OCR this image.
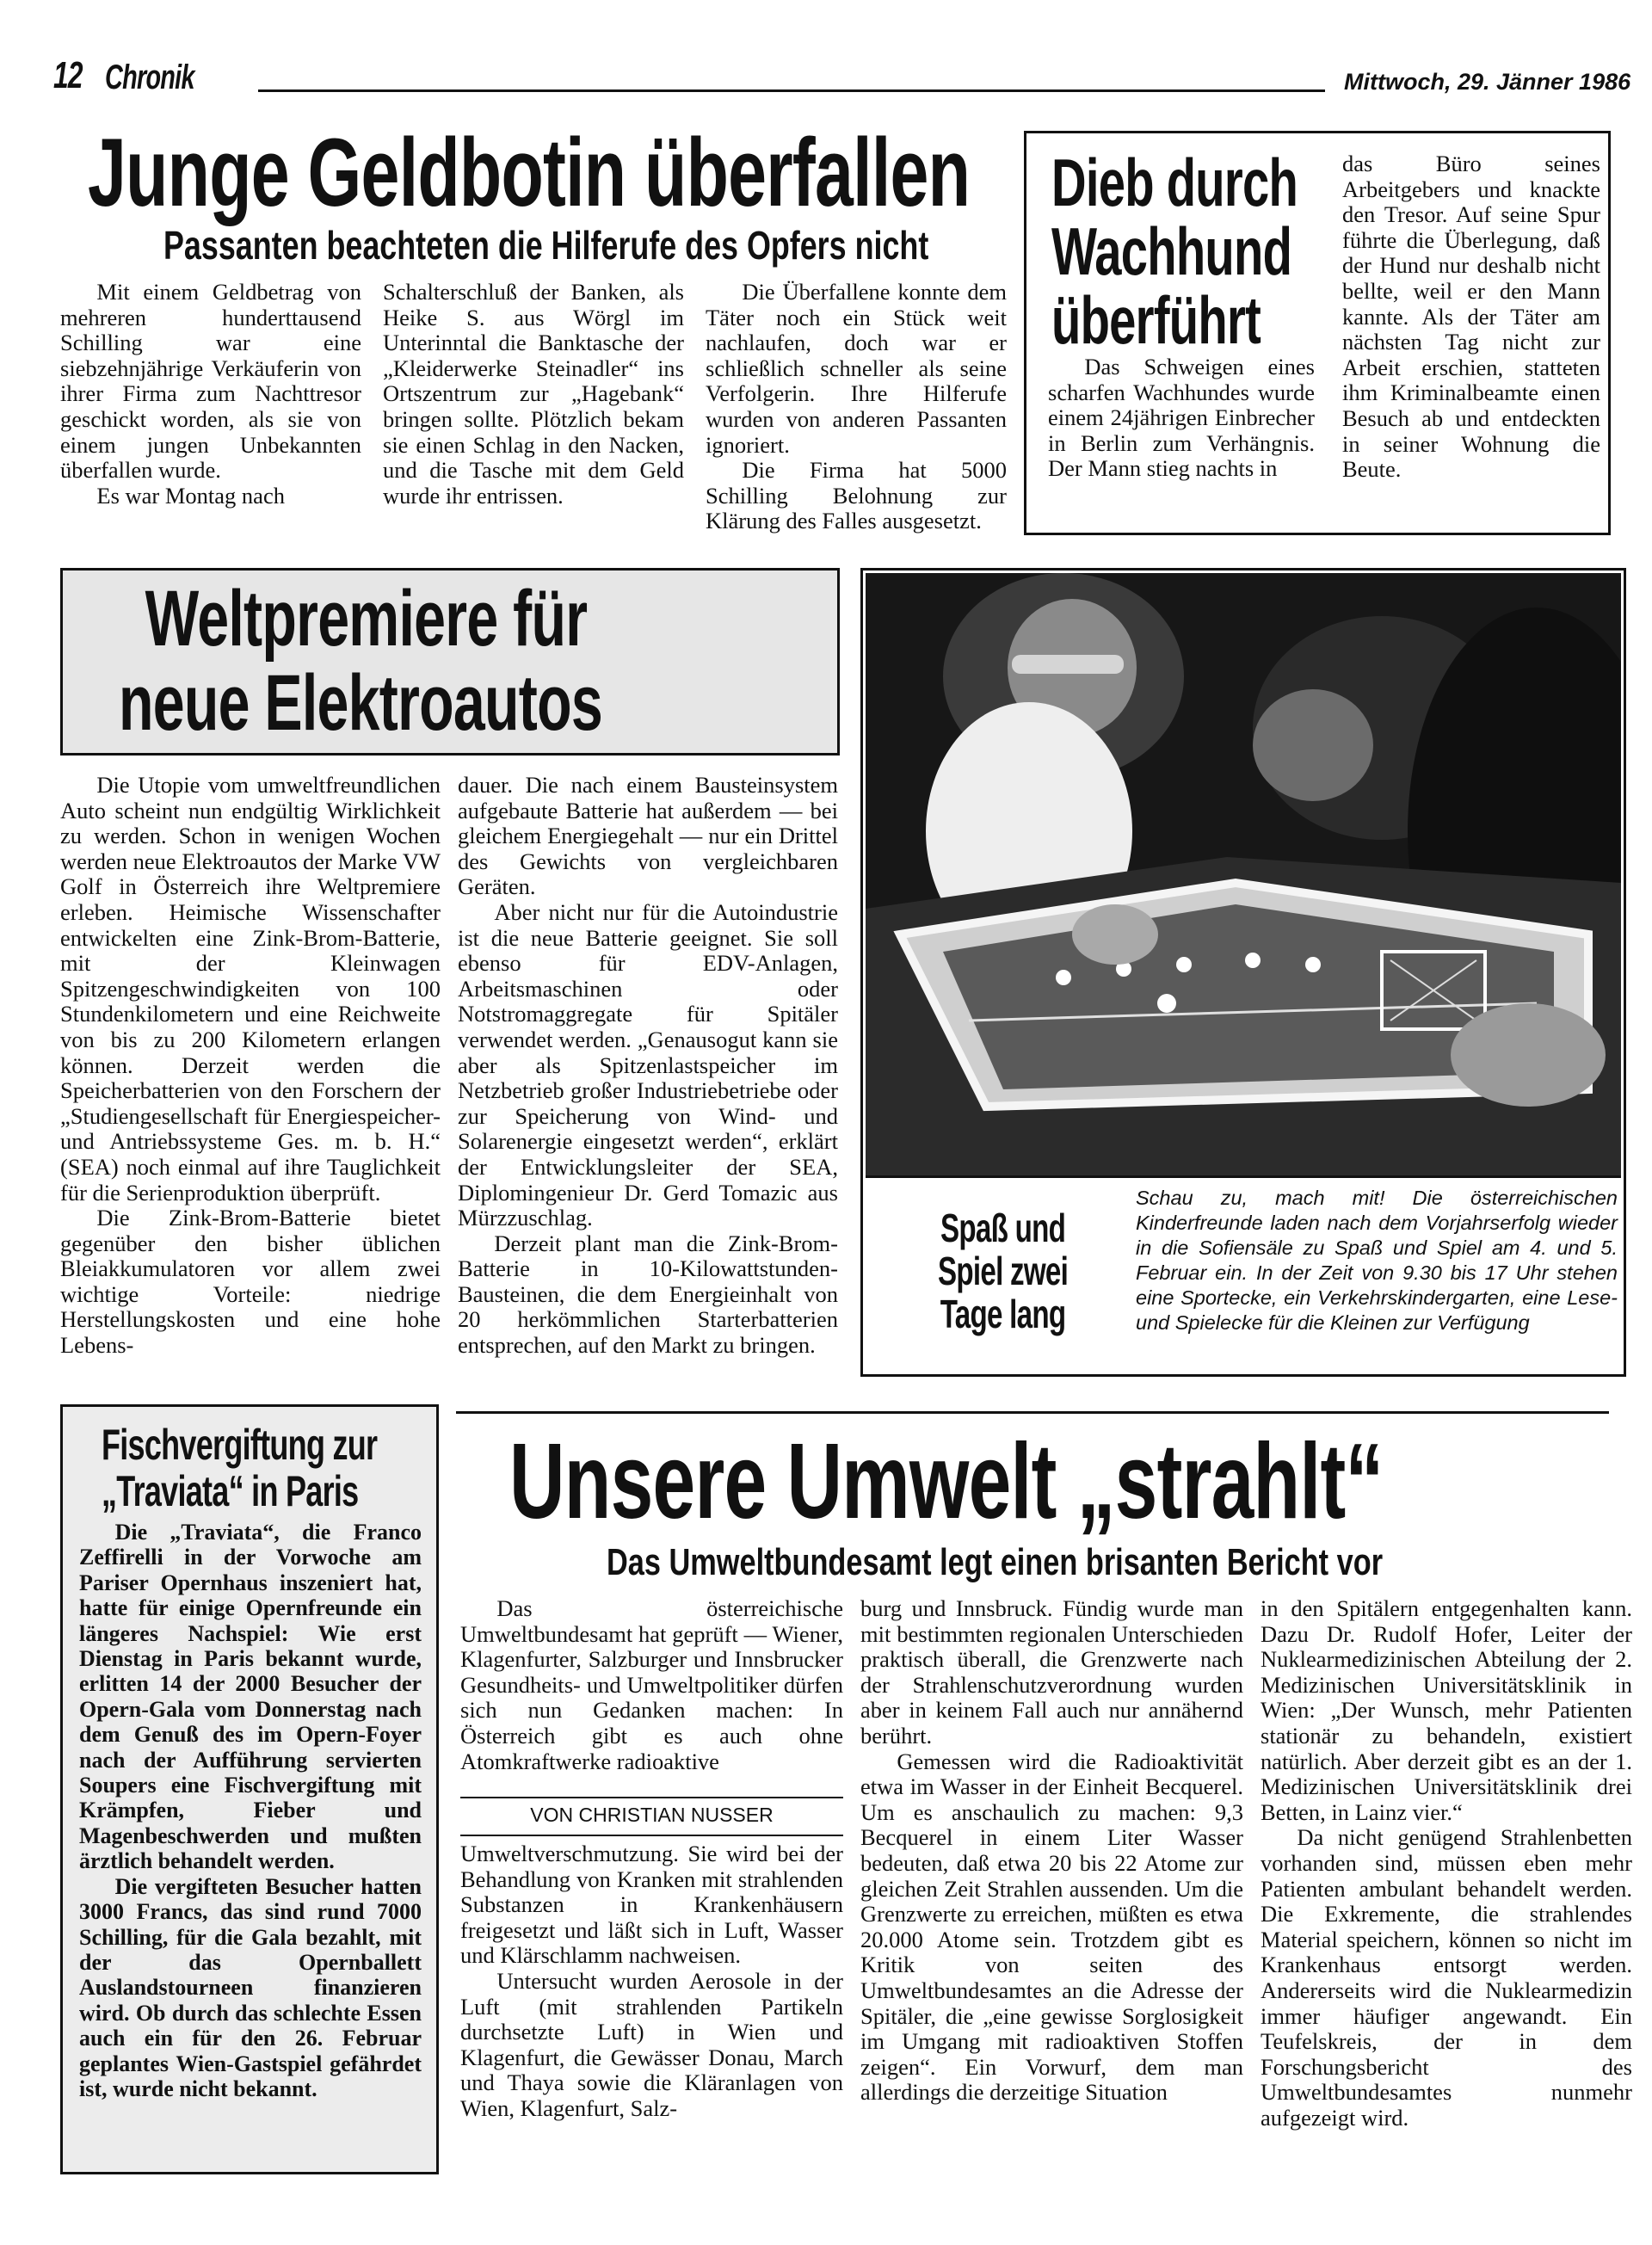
12 Chronik	Mittwoch, 29. Jänner 1986
Junge Geldbotin überfallen
Passanten beachteten die Hilferufe des Opfers nicht

Mit einem Geldbetrag von mehreren hunderttausend Schilling war eine siebzehnjährige Verkäuferin von ihrer Firma zum Nachttresor geschickt worden, als sie von einem jungen Unbekannten überfallen wurde.

Es war Montag nach

Schalterschluß der Banken, als Heike S. aus Wörgl im Unterinntal die Banktasche der „Kleiderwerke Steinadler“ ins Ortszentrum zur „Hagebank“ bringen sollte. Plötzlich bekam sie einen Schlag in den Nacken, und die Tasche mit dem Geld wurde ihr entrissen.

Die Überfallene konnte dem Täter noch ein Stück weit nachlaufen, doch war er schließlich schneller als seine Verfolgerin. Ihre Hilferufe wurden von anderen Passanten ignoriert.

Die Firma hat 5000 Schilling Belohnung zur Klärung des Falles ausgesetzt.

Dieb durch
Wachhund
überführt

Das Schweigen eines scharfen Wachhundes wurde einem 24jährigen Einbrecher in Berlin zum Verhängnis. Der Mann stieg nachts in

das Büro seines Arbeitgebers und knackte den Tresor. Auf seine Spur führte die Überlegung, daß der Hund nur deshalb nicht bellte, weil er den Mann kannte. Als der Täter am nächsten Tag nicht zur Arbeit erschien, statteten ihm Kriminalbeamte einen Besuch ab und entdeckten in seiner Wohnung die Beute.

Weltpremiere für
neue Elektroautos

Die Utopie vom umweltfreundlichen Auto scheint nun endgültig Wirklichkeit zu werden. Schon in wenigen Wochen werden neue Elektroautos der Marke VW Golf in Österreich ihre Weltpremiere erleben. Heimische Wissenschafter entwickelten eine Zink-Brom-Batterie, mit der Kleinwagen Spitzengeschwindigkeiten von 100 Stundenkilometern und eine Reichweite von bis zu 200 Kilometern erlangen können. Derzeit werden die Speicherbatterien von den Forschern der „Studiengesellschaft für Energiespeicher- und Antriebssysteme Ges. m. b. H.“ (SEA) noch einmal auf ihre Tauglichkeit für die Serienproduktion überprüft.

Die Zink-Brom-Batterie bietet gegenüber den bisher üblichen Bleiakkumulatoren vor allem zwei wichtige Vorteile: niedrige Herstellungskosten und eine hohe Lebens-

dauer. Die nach einem Bausteinsystem aufgebaute Batterie hat außerdem — bei gleichem Energiegehalt — nur ein Drittel des Gewichts von vergleichbaren Geräten.

Aber nicht nur für die Autoindustrie ist die neue Batterie geeignet. Sie soll ebenso für EDV-Anlagen, Arbeitsmaschinen oder Notstromaggregate für Spitäler verwendet werden. „Genausogut kann sie aber als Spitzenlastspeicher im Netzbetrieb großer Industriebetriebe oder zur Speicherung von Wind- und Solarenergie eingesetzt werden“, erklärt der Entwicklungsleiter der SEA, Diplomingenieur Dr. Gerd Tomazic aus Mürzzuschlag.

Derzeit plant man die Zink-Brom-Batterie in 10-Kilowattstunden-Bausteinen, die dem Energieinhalt von 20 herkömmlichen Starterbatterien entsprechen, auf den Markt zu bringen.

Spaß und
Spiel zwei
Tage lang
Schau zu, mach mit! Die österreichischen Kinderfreunde laden nach dem Vorjahrserfolg wieder in die Sofiensäle zu Spaß und Spiel am 4. und 5. Februar ein. In der Zeit von 9.30 bis 17 Uhr stehen eine Sportecke, ein Verkehrskindergarten, eine Lese- und Spielecke für die Kleinen zur Verfügung
Fischvergiftung zur
„Traviata“ in Paris

Die „Traviata“, die Franco Zeffirelli in der Vorwoche am Pariser Opernhaus inszeniert hat, hatte für einige Opernfreunde ein längeres Nachspiel: Wie erst Dienstag in Paris bekannt wurde, erlitten 14 der 2000 Besucher der Opern-Gala vom Donnerstag nach dem Genuß des im Opern-Foyer nach der Aufführung servierten Soupers eine Fischvergiftung mit Krämpfen, Fieber und Magenbeschwerden und mußten ärztlich behandelt werden.

Die vergifteten Besucher hatten 3000 Francs, das sind rund 7000 Schilling, für die Gala bezahlt, mit der das Opernballett Auslandstourneen finanzieren wird. Ob durch das schlechte Essen auch ein für den 26. Februar geplantes Wien-Gastspiel gefährdet ist, wurde nicht bekannt.

Unsere Umwelt „strahlt“
Das Umweltbundesamt legt einen brisanten Bericht vor

Das österreichische Umweltbundesamt hat geprüft — Wiener, Klagenfurter, Salzburger und Innsbrucker Gesundheits- und Umweltpolitiker dürfen sich nun Gedanken machen: In Österreich gibt es auch ohne Atomkraftwerke radioaktive

VON CHRISTIAN NUSSER

Umweltverschmutzung. Sie wird bei der Behandlung von Kranken mit strahlenden Substanzen in Krankenhäusern freigesetzt und läßt sich in Luft, Wasser und Klärschlamm nachweisen.

Untersucht wurden Aerosole in der Luft (mit strahlenden Partikeln durchsetzte Luft) in Wien und Klagenfurt, die Gewässer Donau, March und Thaya sowie die Kläranlagen von Wien, Klagenfurt, Salz-

burg und Innsbruck. Fündig wurde man mit bestimmten regionalen Unterschieden praktisch überall, die Grenzwerte nach der Strahlenschutzverordnung wurden aber in keinem Fall auch nur annähernd berührt.

Gemessen wird die Radioaktivität etwa im Wasser in der Einheit Becquerel. Um es anschaulich zu machen: 9,3 Becquerel in einem Liter Wasser bedeuten, daß etwa 20 bis 22 Atome zur gleichen Zeit Strahlen aussenden. Um die Grenzwerte zu erreichen, müßten es etwa 20.000 Atome sein. Trotzdem gibt es Kritik von seiten des Umweltbundesamtes an die Adresse der Spitäler, die „eine gewisse Sorglosigkeit im Umgang mit radioaktiven Stoffen zeigen“. Ein Vorwurf, dem man allerdings die derzeitige Situation

in den Spitälern entgegenhalten kann. Dazu Dr. Rudolf Hofer, Leiter der Nuklearmedizinischen Abteilung der 2. Medizinischen Universitätsklinik in Wien: „Der Wunsch, mehr Patienten stationär zu behandeln, existiert natürlich. Aber derzeit gibt es an der 1. Medizinischen Universitätsklinik drei Betten, in Lainz vier.“

Da nicht genügend Strahlenbetten vorhanden sind, müssen eben mehr Patienten ambulant behandelt werden. Die Exkremente, die strahlendes Material speichern, können so nicht im Krankenhaus entsorgt werden. Andererseits wird die Nuklearmedizin immer häufiger angewandt. Ein Teufelskreis, der in dem Forschungsbericht des Umweltbundesamtes nunmehr aufgezeigt wird.
